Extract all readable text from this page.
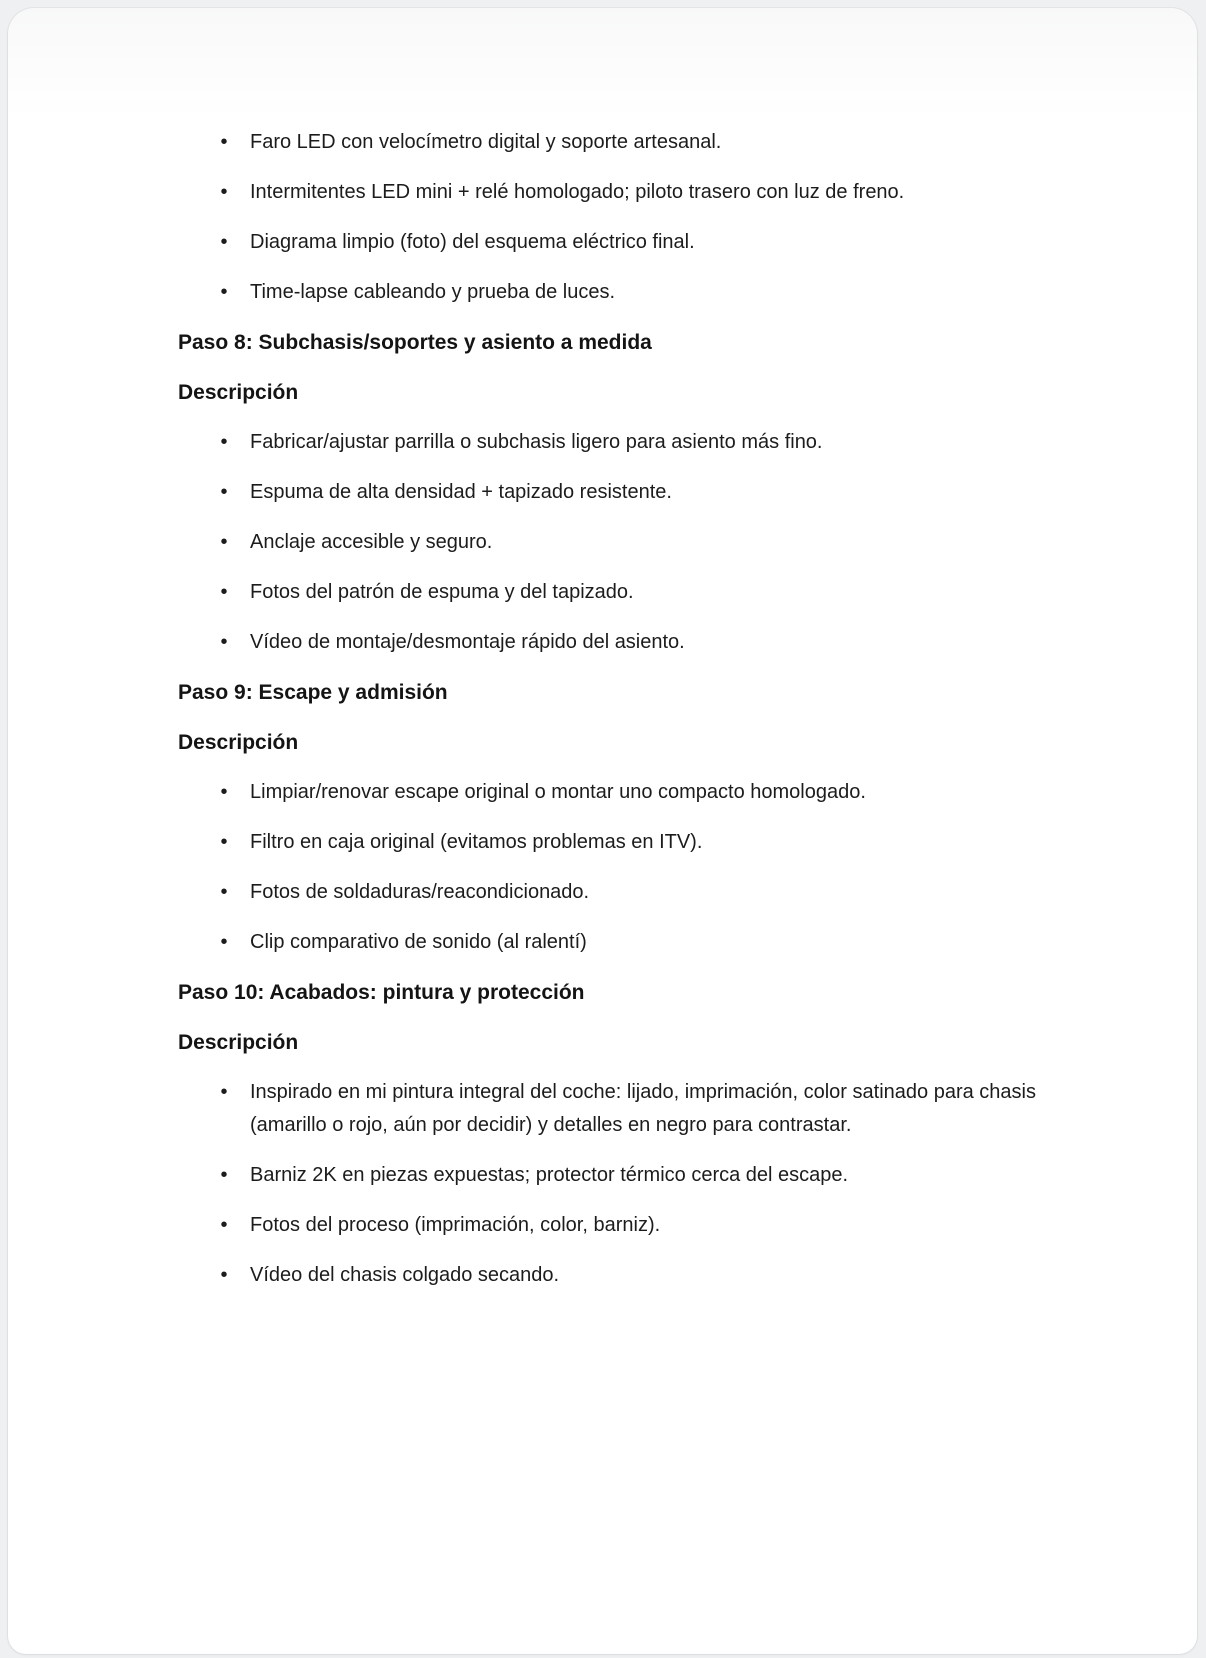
•	Faro LED con velocímetro digital y soporte artesanal.
•	Intermitentes LED mini + relé homologado; piloto trasero con luz de freno.
•	Diagrama limpio (foto) del esquema eléctrico final.
•	Time-lapse cableando y prueba de luces.
Paso 8: Subchasis/soportes y asiento a medida
Descripción
•	Fabricar/ajustar parrilla o subchasis ligero para asiento más fino.
•	Espuma de alta densidad + tapizado resistente.
•	Anclaje accesible y seguro.
•	Fotos del patrón de espuma y del tapizado.
•	Vídeo de montaje/desmontaje rápido del asiento.
Paso 9: Escape y admisión
Descripción
•	Limpiar/renovar escape original o montar uno compacto homologado.
•	Filtro en caja original (evitamos problemas en ITV).
•	Fotos de soldaduras/reacondicionado.
•	Clip comparativo de sonido (al ralentí)
Paso 10: Acabados: pintura y protección
Descripción
•	Inspirado en mi pintura integral del coche: lijado, imprimación, color satinado para chasis (amarillo o rojo, aún por decidir) y detalles en negro para contrastar.
•	Barniz 2K en piezas expuestas; protector térmico cerca del escape.
•	Fotos del proceso (imprimación, color, barniz).
•	Vídeo del chasis colgado secando.
